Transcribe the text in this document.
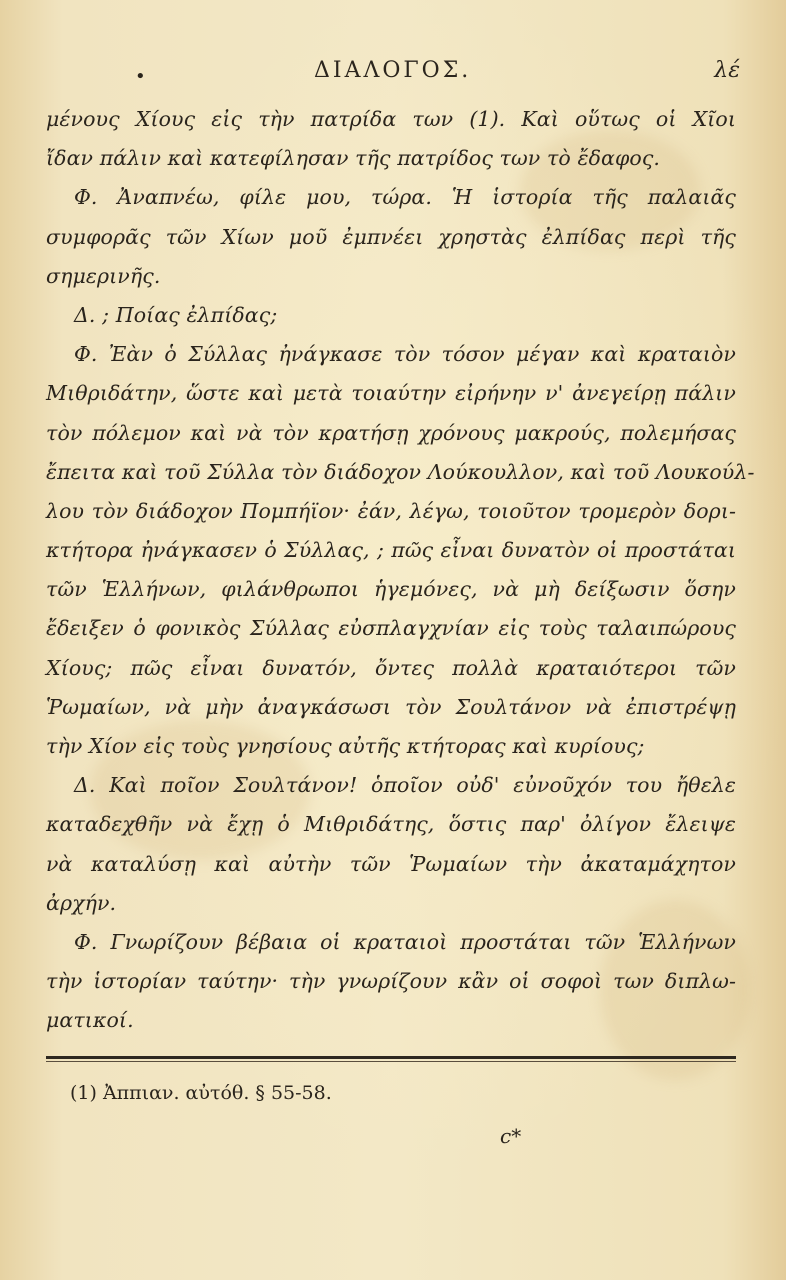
•	ΔΙΑΛΟΓΟΣ.	λέ
μένους Χίους εἰς τὴν πατρίδα των (1). Καὶ οὕτως οἱ Χῖοι
ἴδαν πάλιν καὶ κατεφίλησαν τῆς πατρίδος των τὸ ἔδαφος.
Φ. Ἀναπνέω, φίλε μου, τώρα. Ἡ ἱστορία τῆς παλαιᾶς
συμφορᾶς τῶν Χίων μοῦ ἐμπνέει χρηστὰς ἐλπίδας περὶ τῆς
σημερινῆς.
Δ. ; Ποίας ἐλπίδας;
Φ. Ἐὰν ὁ Σύλλας ἠνάγκασε τὸν τόσον μέγαν καὶ κραταιὸν
Μιθριδάτην, ὥστε καὶ μετὰ τοιαύτην εἰρήνην ν' ἀνεγείρῃ πάλιν
τὸν πόλεμον καὶ νὰ τὸν κρατήσῃ χρόνους μακρούς, πολεμήσας
ἔπειτα καὶ τοῦ Σύλλα τὸν διάδοχον Λούκουλλον, καὶ τοῦ Λουκούλ-
λου τὸν διάδοχον Πομπήϊον· ἐάν, λέγω, τοιοῦτον τρομερὸν δορι-
κτήτορα ἠνάγκασεν ὁ Σύλλας, ; πῶς εἶναι δυνατὸν οἱ προστάται
τῶν Ἑλλήνων, φιλάνθρωποι ἡγεμόνες, νὰ μὴ δείξωσιν ὅσην
ἔδειξεν ὁ φονικὸς Σύλλας εὐσπλαγχνίαν εἰς τοὺς ταλαιπώρους
Χίους; πῶς εἶναι δυνατόν, ὄντες πολλὰ κραταιότεροι τῶν
Ῥωμαίων, νὰ μὴν ἀναγκάσωσι τὸν Σουλτάνον νὰ ἐπιστρέψῃ
τὴν Χίον εἰς τοὺς γνησίους αὐτῆς κτήτορας καὶ κυρίους;
Δ. Καὶ ποῖον Σουλτάνον! ὁποῖον οὐδ' εὐνοῦχόν του ἤθελε
καταδεχθῆν νὰ ἔχῃ ὁ Μιθριδάτης, ὅστις παρ' ὀλίγον ἔλειψε
νὰ καταλύσῃ καὶ αὐτὴν τῶν Ῥωμαίων τὴν ἀκαταμάχητον
ἀρχήν.
Φ. Γνωρίζουν βέβαια οἱ κραταιοὶ προστάται τῶν Ἑλλήνων
τὴν ἱστορίαν ταύτην· τὴν γνωρίζουν κἂν οἱ σοφοὶ των διπλω-
ματικοί.
(1) Ἀππιαν. αὐτόθ. § 55-58.
c*
